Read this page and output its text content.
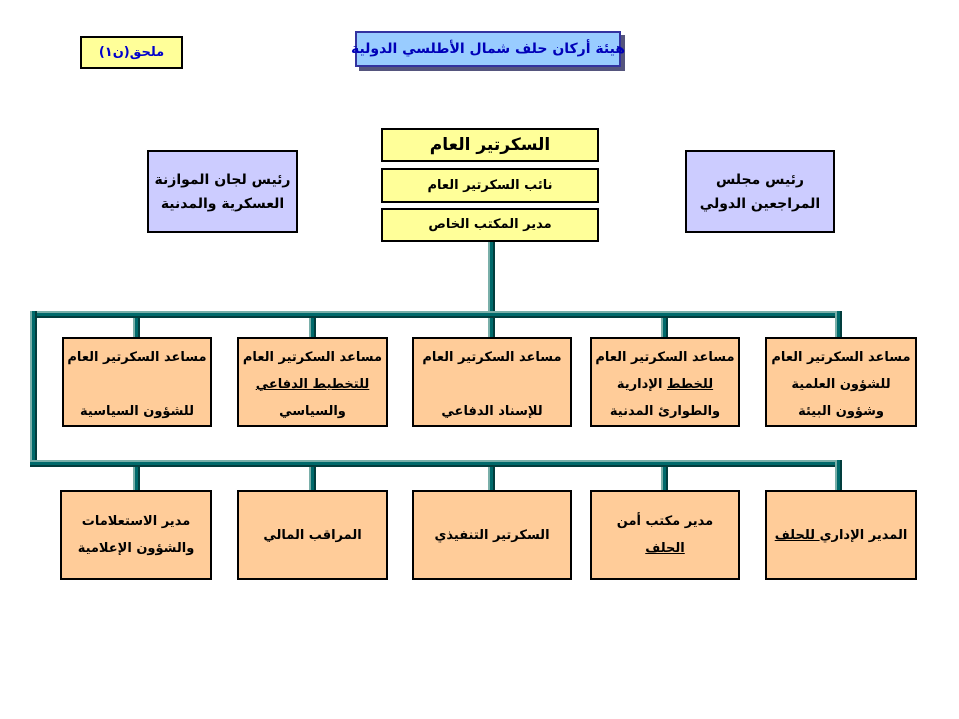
ملحق(ن١)	هيئة أركان حلف شمال الأطلسي الدولية
السكرتير العام
نائب السكرتير العام
مدير المكتب الخاص
رئيس لجان الموازنة
العسكرية والمدنية
رئيس مجلس
المراجعين الدولي
مساعد السكرتير العام
للشؤون السياسية
مساعد السكرتير العام
للتخطيط الدفاعي
والسياسي
مساعد السكرتير العام
للإسناد الدفاعي
مساعد السكرتير العام
للخطط الإدارية
والطوارئ المدنية
مساعد السكرتير العام
للشؤون العلمية
وشؤون البيئة
مدير الاستعلامات
والشؤون الإعلامية
المراقب المالي	السكرتير التنفيذي
مدير مكتب أمن
الحلف
المدير الإداري للحلف
